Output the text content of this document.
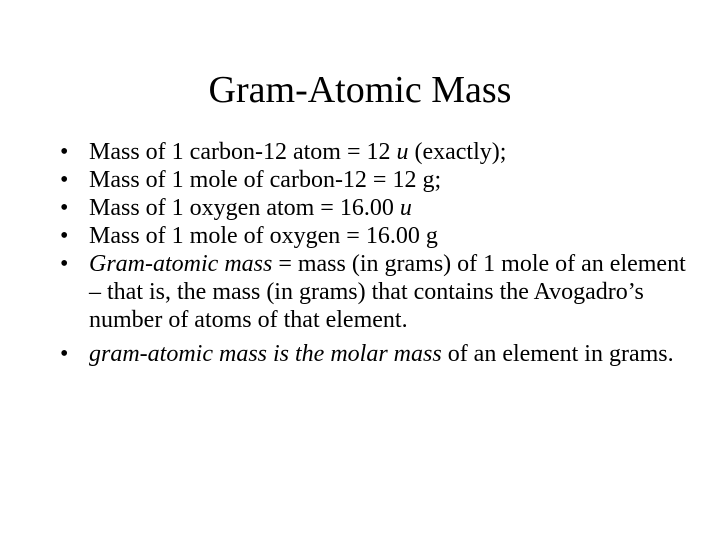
Gram-Atomic Mass
• Mass of 1 carbon-12 atom = 12 u (exactly);
• Mass of 1 mole of carbon-12 = 12 g;
• Mass of 1 oxygen atom = 16.00 u
• Mass of 1 mole of oxygen = 16.00 g
• Gram-atomic mass = mass (in grams) of 1 mole of an element – that is, the mass (in grams) that contains the Avogadro’s number of atoms of that element.
• gram-atomic mass is the molar mass of an element in grams.
